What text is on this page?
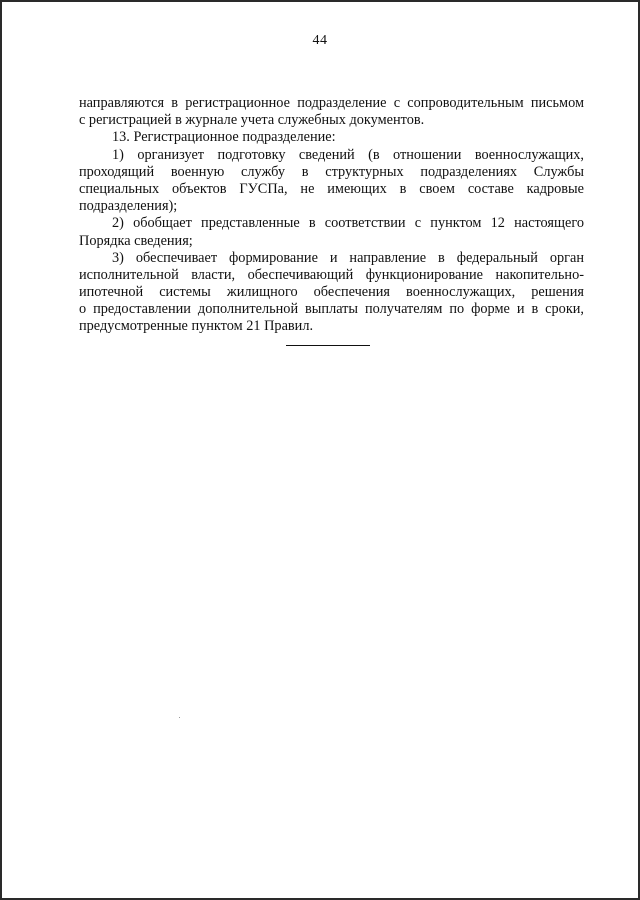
44
направляются в регистрационное подразделение с сопроводительным письмом
с регистрацией в журнале учета служебных документов.
13. Регистрационное подразделение:
1) организует подготовку сведений (в отношении военнослужащих,
проходящий военную службу в структурных подразделениях Службы
специальных объектов ГУСПа, не имеющих в своем составе кадровые
подразделения);
2) обобщает представленные в соответствии с пунктом 12 настоящего
Порядка сведения;
3) обеспечивает формирование и направление в федеральный орган
исполнительной власти, обеспечивающий функционирование накопительно-
ипотечной системы жилищного обеспечения военнослужащих, решения
о предоставлении дополнительной выплаты получателям по форме и в сроки,
предусмотренные пунктом 21 Правил.
